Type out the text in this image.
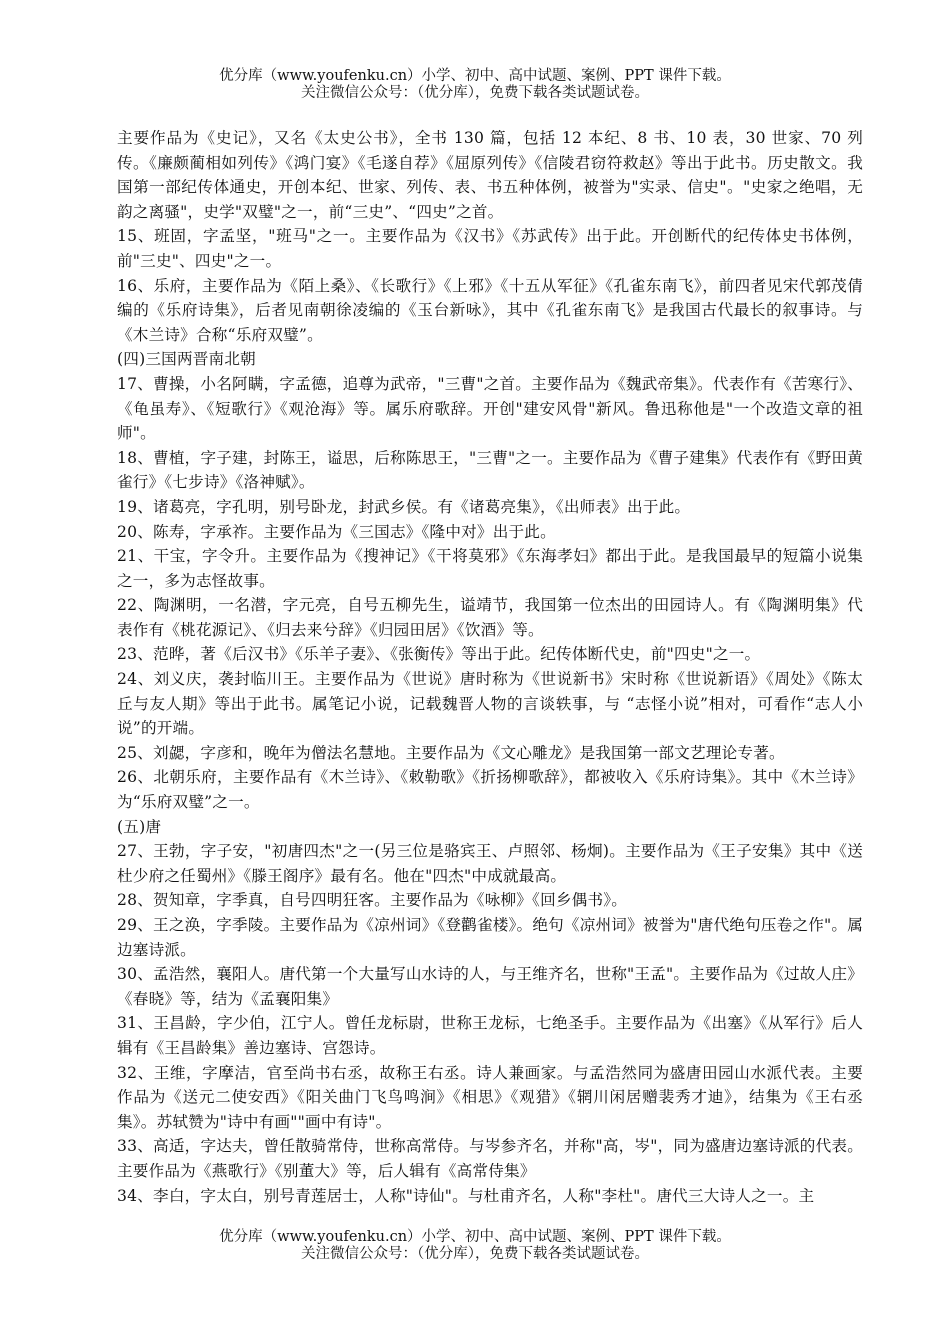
优分库（www.youfenku.cn）小学、初中、高中试题、案例、PPT 课件下载。
关注微信公众号：（优分库），免费下载各类试题试卷。

主要作品为《史记》，又名《太史公书》，全书 130 篇，包括 12 本纪、8 书、10 表，30 世家、70 列传。《廉颇蔺相如列传》《鸿门宴》《毛遂自荐》《屈原列传》《信陵君窃符救赵》等出于此书。历史散文。我国第一部纪传体通史，开创本纪、世家、列传、表、书五种体例，被誉为"实录、信史"。"史家之绝唱，无韵之离骚"，史学"双璧"之一，前“三史”、“四史”之首。

15、班固，字孟坚，"班马"之一。主要作品为《汉书》《苏武传》出于此。开创断代的纪传体史书体例，前"三史"、四史"之一。

16、乐府，主要作品为《陌上桑》、《长歌行》《上邪》《十五从军征》《孔雀东南飞》，前四者见宋代郭茂倩编的《乐府诗集》，后者见南朝徐凌编的《玉台新咏》，其中《孔雀东南飞》是我国古代最长的叙事诗。与《木兰诗》合称“乐府双璧”。

(四)三国两晋南北朝

17、曹操，小名阿瞒，字孟德，追尊为武帝，"三曹"之首。主要作品为《魏武帝集》。代表作有《苦寒行》、《龟虽寿》、《短歌行》《观沧海》等。属乐府歌辞。开创"建安风骨"新风。鲁迅称他是"一个改造文章的祖师"。

18、曹植，字子建，封陈王，谥思，后称陈思王，"三曹"之一。主要作品为《曹子建集》代表作有《野田黄雀行》《七步诗》《洛神赋》。

19、诸葛亮，字孔明，别号卧龙，封武乡侯。有《诸葛亮集》，《出师表》出于此。

20、陈寿，字承祚。主要作品为《三国志》《隆中对》出于此。

21、干宝，字令升。主要作品为《搜神记》《干将莫邪》《东海孝妇》都出于此。是我国最早的短篇小说集之一，多为志怪故事。

22、陶渊明，一名潜，字元亮，自号五柳先生，谥靖节，我国第一位杰出的田园诗人。有《陶渊明集》代表作有《桃花源记》、《归去来兮辞》《归园田居》《饮酒》等。

23、范晔，著《后汉书》《乐羊子妻》、《张衡传》等出于此。纪传体断代史，前"四史"之一。

24、刘义庆，袭封临川王。主要作品为《世说》唐时称为《世说新书》宋时称《世说新语》《周处》《陈太丘与友人期》等出于此书。属笔记小说，记载魏晋人物的言谈轶事，与 “志怪小说”相对，可看作“志人小说”的开端。

25、刘勰，字彦和，晚年为僧法名慧地。主要作品为《文心雕龙》是我国第一部文艺理论专著。

26、北朝乐府，主要作品有《木兰诗》、《敕勒歌》《折扬柳歌辞》，都被收入《乐府诗集》。其中《木兰诗》为“乐府双璧”之一。

(五)唐

27、王勃，字子安，"初唐四杰"之一(另三位是骆宾王、卢照邻、杨炯)。主要作品为《王子安集》其中《送杜少府之任蜀州》《滕王阁序》最有名。他在"四杰"中成就最高。

28、贺知章，字季真，自号四明狂客。主要作品为《咏柳》《回乡偶书》。

29、王之涣，字季陵。主要作品为《凉州词》《登鹳雀楼》。绝句《凉州词》被誉为"唐代绝句压卷之作"。属边塞诗派。

30、孟浩然，襄阳人。唐代第一个大量写山水诗的人，与王维齐名，世称"王孟"。主要作品为《过故人庄》《春晓》等，结为《孟襄阳集》

31、王昌龄，字少伯，江宁人。曾任龙标尉，世称王龙标，七绝圣手。主要作品为《出塞》《从军行》后人辑有《王昌龄集》善边塞诗、宫怨诗。

32、王维，字摩洁，官至尚书右丞，故称王右丞。诗人兼画家。与孟浩然同为盛唐田园山水派代表。主要作品为《送元二使安西》《阳关曲门飞鸟鸣涧》《相思》《观猎》《辋川闲居赠裴秀才迪》，结集为《王右丞集》。苏轼赞为"诗中有画""画中有诗"。

33、高适，字达夫，曾任散骑常侍，世称高常侍。与岑参齐名，并称"高，岑"，同为盛唐边塞诗派的代表。主要作品为《燕歌行》《别董大》等，后人辑有《高常侍集》

34、李白，字太白，别号青莲居士，人称"诗仙"。与杜甫齐名，人称"李杜"。唐代三大诗人之一。主

优分库（www.youfenku.cn）小学、初中、高中试题、案例、PPT 课件下载。
关注微信公众号：（优分库），免费下载各类试题试卷。
